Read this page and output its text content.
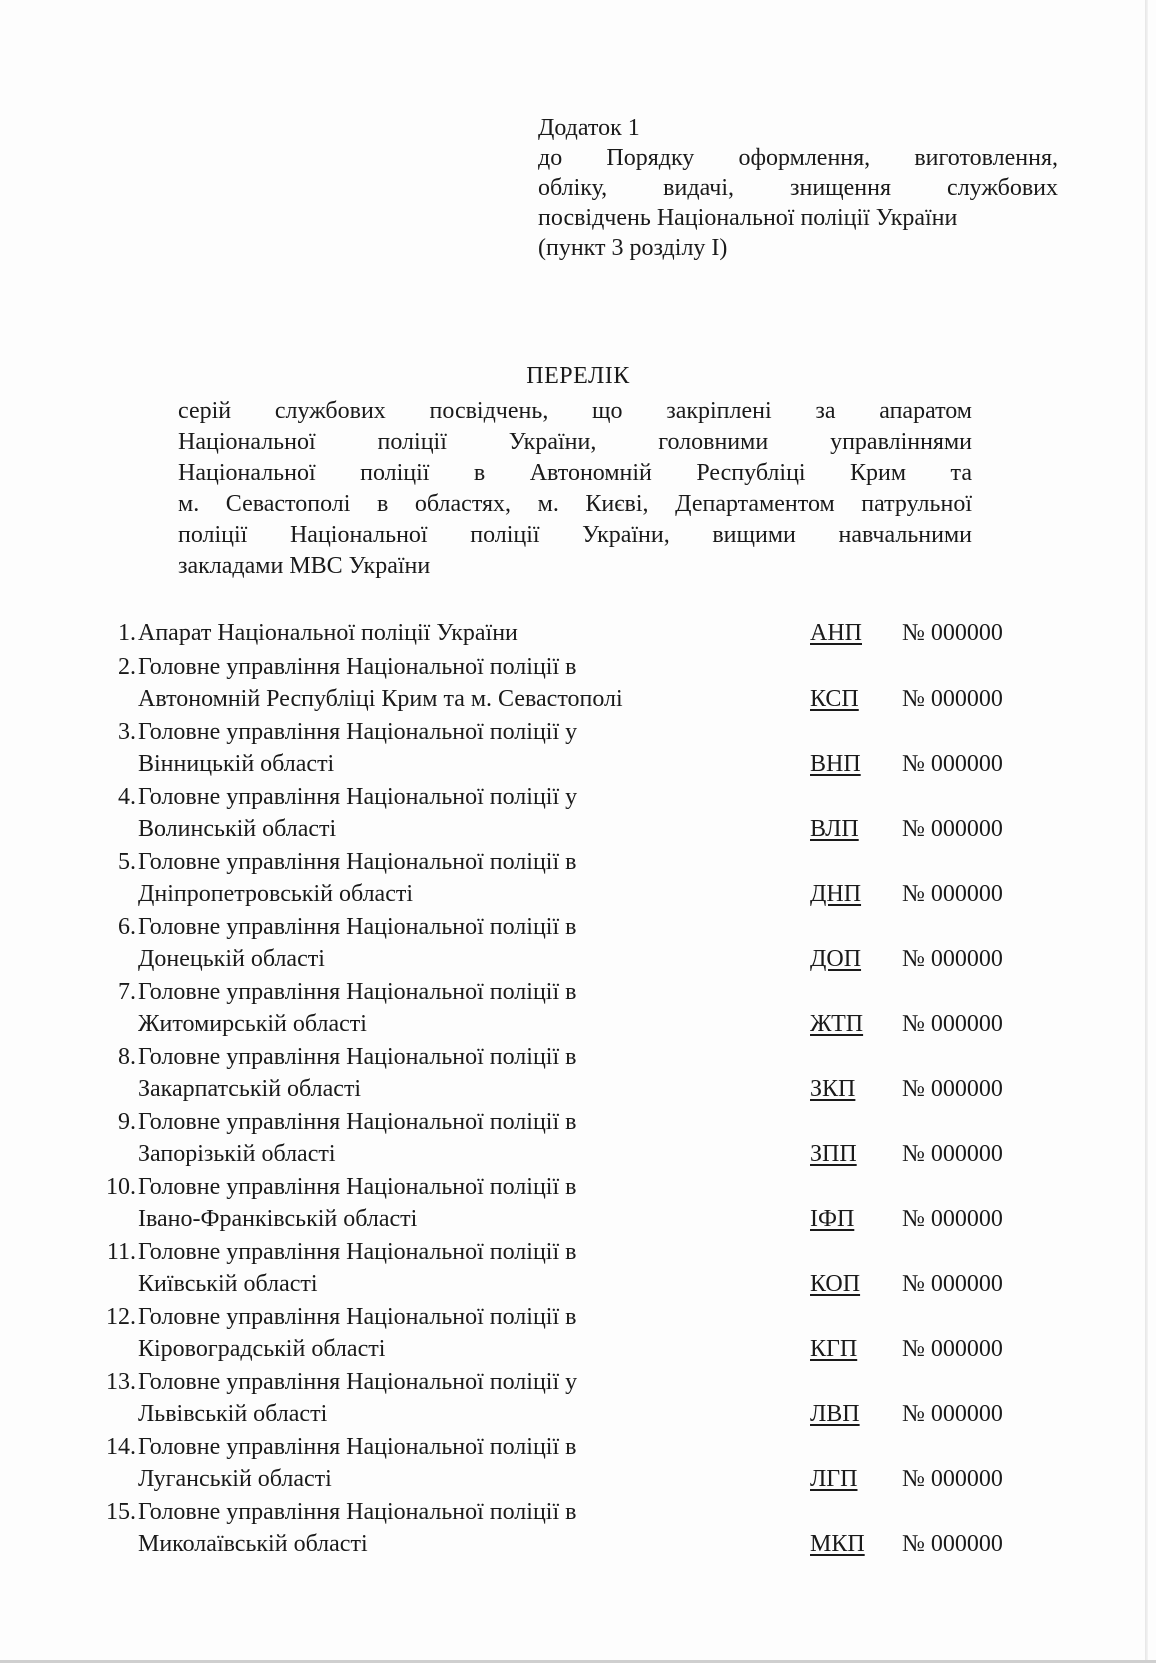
Додаток 1
до Порядку оформлення, виготовлення,
обліку, видачі, знищення службових
посвідчень Національної поліції України
(пункт 3 розділу I)
ПЕРЕЛІК
серій службових посвідчень, що закріплені за апаратом
Національної поліції України, головними управліннями
Національної поліції в Автономній Республіці Крим та
м. Севастополі в областях, м. Києві, Департаментом патрульної
поліції Національної поліції України, вищими навчальними
закладами МВС України
1. Апарат Національної поліції України	АНП № 000000
2. Головне управління Національної поліції в
Автономній Республіці Крим та м. Севастополі	КСП № 000000
3. Головне управління Національної поліції у
Вінницькій області	ВНП № 000000
4. Головне управління Національної поліції у
Волинській області	ВЛП № 000000
5. Головне управління Національної поліції в
Дніпропетровській області	ДНП № 000000
6. Головне управління Національної поліції в
Донецькій області	ДОП № 000000
7. Головне управління Національної поліції в
Житомирській області	ЖТП № 000000
8. Головне управління Національної поліції в
Закарпатській області	ЗКП № 000000
9. Головне управління Національної поліції в
Запорізькій області	ЗПП № 000000
10. Головне управління Національної поліції в
Івано-Франківській області	ІФП № 000000
11. Головне управління Національної поліції в
Київській області	КОП № 000000
12. Головне управління Національної поліції в
Кіровоградській області	КГП № 000000
13. Головне управління Національної поліції у
Львівській області	ЛВП № 000000
14. Головне управління Національної поліції в
Луганській області	ЛГП № 000000
15. Головне управління Національної поліції в
Миколаївській області	МКП № 000000
